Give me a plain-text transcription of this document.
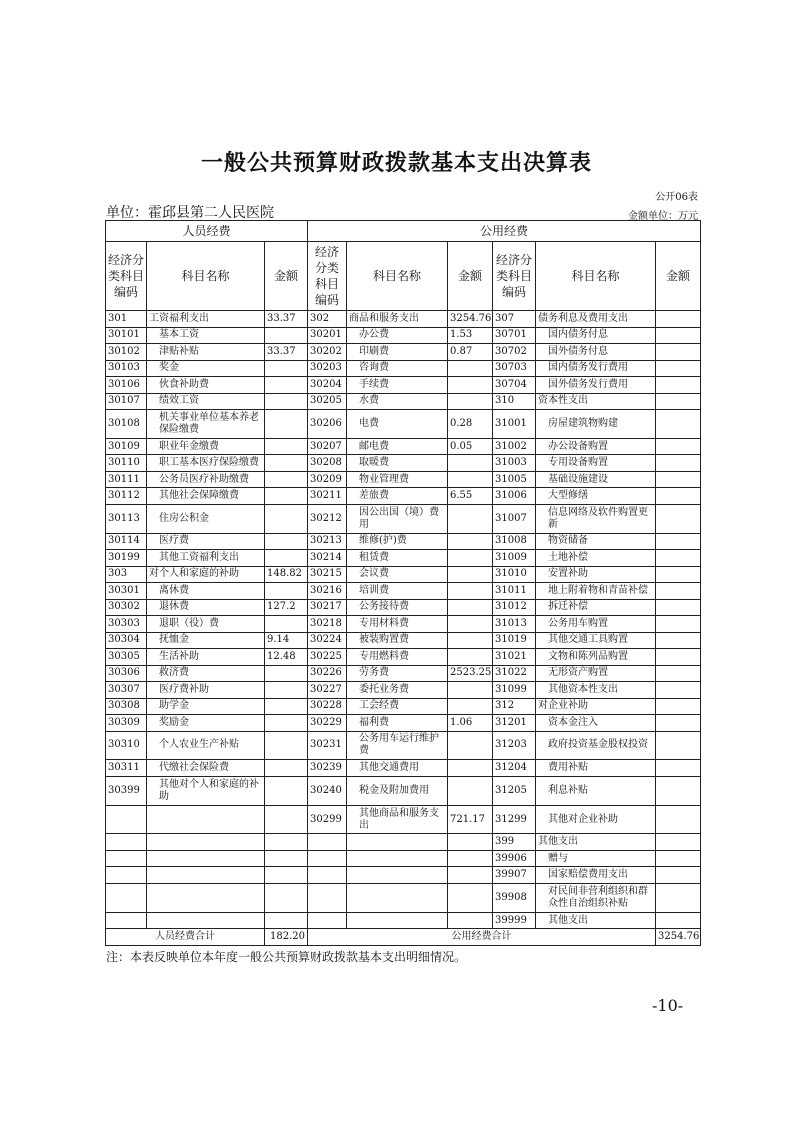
一般公共预算财政拨款基本支出决算表
公开06表
单位：霍邱县第二人民医院	金额单位：万元
人员经费			公用经费					
经济分类科目编码	科目名称	金额	经济分类科目编码	科目名称	金额	经济分类科目编码	科目名称	金额
301	工资福利支出	33.37	302	商品和服务支出	3254.76	307	债务利息及费用支出	
30101	基本工资		30201	办公费	1.53	30701	国内债务付息	
30102	津贴补贴	33.37	30202	印刷费	0.87	30702	国外债务付息	
30103	奖金		30203	咨询费		30703	国内债务发行费用	
30106	伙食补助费		30204	手续费		30704	国外债务发行费用	
30107	绩效工资		30205	水费		310	资本性支出	
30108	机关事业单位基本养老保险缴费		30206	电费	0.28	31001	房屋建筑物购建	
30109	职业年金缴费		30207	邮电费	0.05	31002	办公设备购置	
30110	职工基本医疗保险缴费		30208	取暖费		31003	专用设备购置	
30111	公务员医疗补助缴费		30209	物业管理费		31005	基础设施建设	
30112	其他社会保障缴费		30211	差旅费	6.55	31006	大型修缮	
30113	住房公积金		30212	因公出国（境）费用		31007	信息网络及软件购置更新	
30114	医疗费		30213	维修(护)费		31008	物资储备	
30199	其他工资福利支出		30214	租赁费		31009	土地补偿	
303	对个人和家庭的补助	148.82	30215	会议费		31010	安置补助	
30301	离休费		30216	培训费		31011	地上附着物和青苗补偿	
30302	退休费	127.2	30217	公务接待费		31012	拆迁补偿	
30303	退职（役）费		30218	专用材料费		31013	公务用车购置	
30304	抚恤金	9.14	30224	被装购置费		31019	其他交通工具购置	
30305	生活补助	12.48	30225	专用燃料费		31021	文物和陈列品购置	
30306	救济费		30226	劳务费	2523.25	31022	无形资产购置	
30307	医疗费补助		30227	委托业务费		31099	其他资本性支出	
30308	助学金		30228	工会经费		312	对企业补助	
30309	奖励金		30229	福利费	1.06	31201	资本金注入	
30310	个人农业生产补贴		30231	公务用车运行维护费		31203	政府投资基金股权投资	
30311	代缴社会保险费		30239	其他交通费用		31204	费用补贴	
30399	其他对个人和家庭的补助		30240	税金及附加费用		31205	利息补贴	
			30299	其他商品和服务支出	721.17	31299	其他对企业补助	
						399	其他支出	
						39906	赠与	
						39907	国家赔偿费用支出	
						39908	对民间非营利组织和群众性自治组织补贴	
						39999	其他支出	
人员经费合计		182.20	公用经费合计					3254.76
注：本表反映单位本年度一般公共预算财政拨款基本支出明细情况。
-10-
